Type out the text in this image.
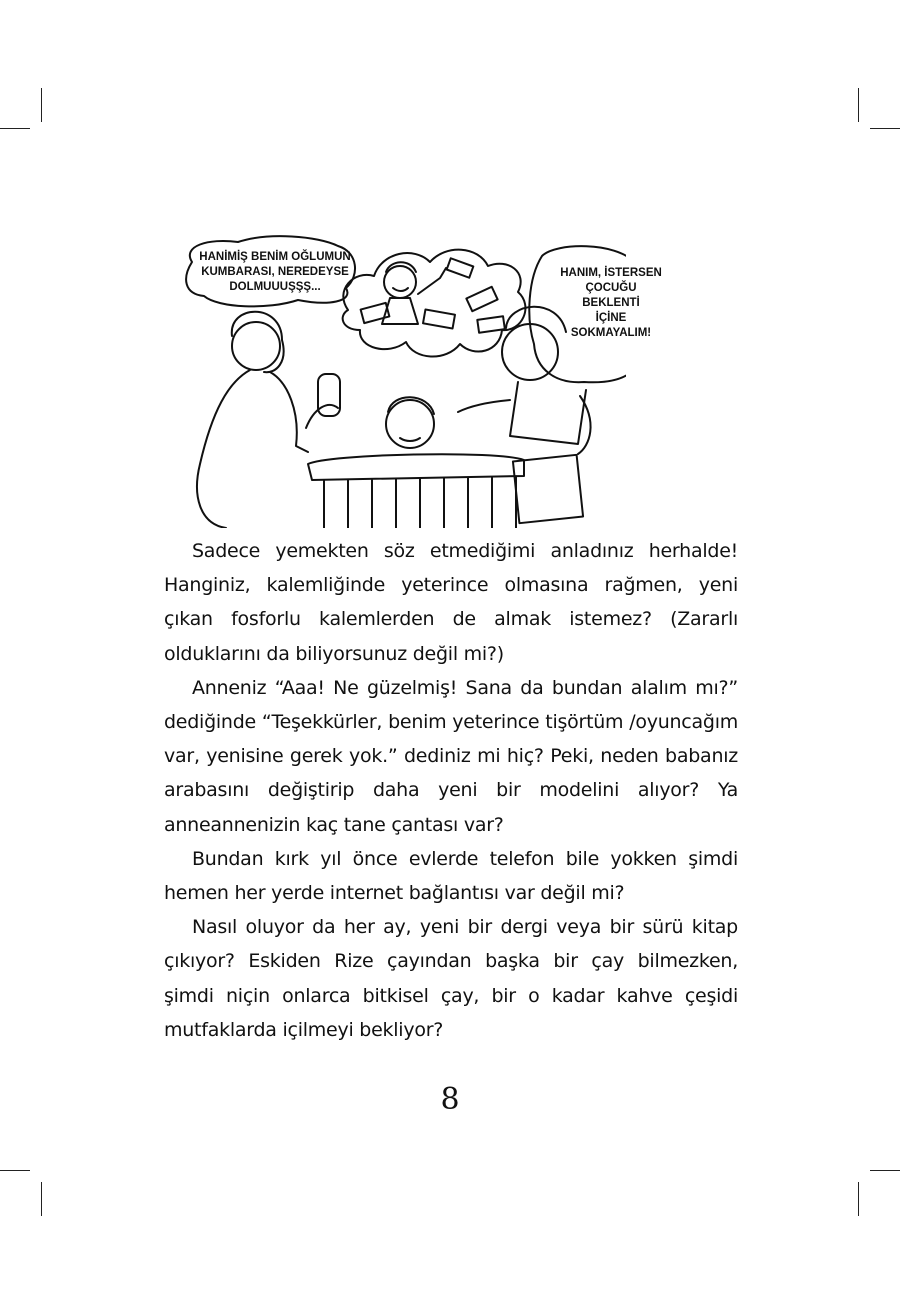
HANİMİŞ BENİM OĞLUMUN
KUMBARASI, NEREDEYSE
DOLMUUUŞŞŞ...
HANIM, İSTERSEN
ÇOCUĞU
BEKLENTİ
İÇİNE
SOKMAYALIM!

Sadece yemekten söz etmediğimi anladınız herhalde! Hanginiz, kalemliğinde yeterince olmasına rağmen, yeni çıkan fosforlu kalemlerden de almak istemez? (Zararlı olduklarını da biliyorsunuz değil mi?)

Anneniz “Aaa! Ne güzelmiş! Sana da bundan alalım mı?” dediğinde “Teşekkürler, benim yeterince tişörtüm /oyuncağım var, yenisine gerek yok.” dediniz mi hiç? Peki, neden babanız arabasını değiştirip daha yeni bir modelini alıyor? Ya anneannenizin kaç tane çantası var?

Bundan kırk yıl önce evlerde telefon bile yokken şimdi hemen her yerde internet bağlantısı var değil mi?

Nasıl oluyor da her ay, yeni bir dergi veya bir sürü kitap çıkıyor? Eskiden Rize çayından başka bir çay bilmezken, şimdi niçin onlarca bitkisel çay, bir o kadar kahve çeşidi mutfaklarda içilmeyi bekliyor?

8
